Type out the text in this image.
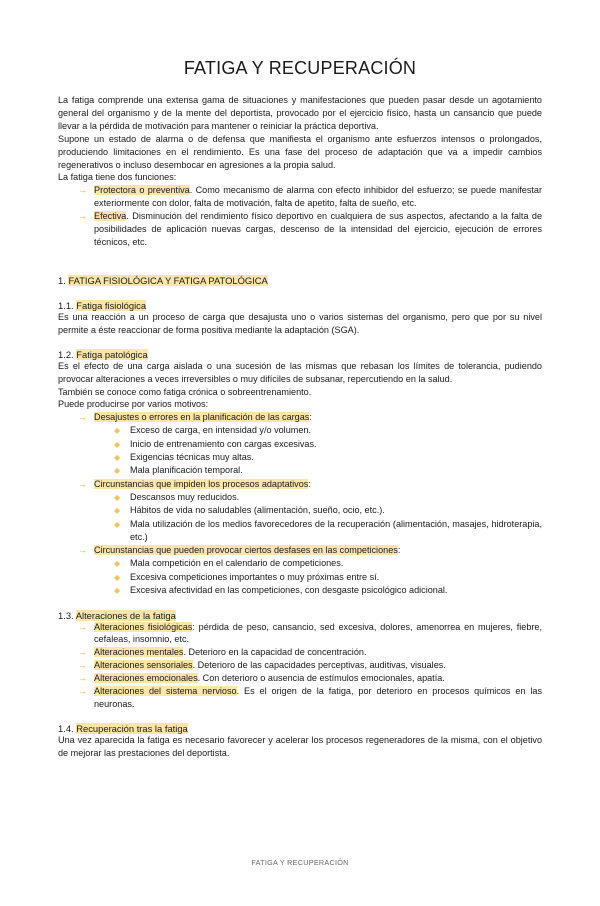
FATIGA Y RECUPERACIÓN

La fatiga comprende una extensa gama de situaciones y manifestaciones que pueden pasar desde un agotamiento general del organismo y de la mente del deportista, provocado por el ejercicio físico, hasta un cansancio que puede llevar a la pérdida de motivación para mantener o reiniciar la práctica deportiva.

Supone un estado de alarma o de defensa que manifiesta el organismo ante esfuerzos intensos o prolongados, produciendo limitaciones en el rendimiento. Es una fase del proceso de adaptación que va a impedir cambios regenerativos o incluso desembocar en agresiones a la propia salud.

La fatiga tiene dos funciones:

→ Protectora o preventiva. Como mecanismo de alarma con efecto inhibidor del esfuerzo; se puede manifestar exteriormente con dolor, falta de motivación, falta de apetito, falta de sueño, etc.
→ Efectiva. Disminución del rendimiento físico deportivo en cualquiera de sus aspectos, afectando a la falta de posibilidades de aplicación nuevas cargas, descenso de la intensidad del ejercicio, ejecución de errores técnicos, etc.
1. FATIGA FISIOLÓGICA Y FATIGA PATOLÓGICA
1.1. Fatiga fisiológica

Es una reacción a un proceso de carga que desajusta uno o varios sistemas del organismo, pero que por su nivel permite a éste reaccionar de forma positiva mediante la adaptación (SGA).

1.2. Fatiga patológica

Es el efecto de una carga aislada o una sucesión de las mismas que rebasan los límites de tolerancia, pudiendo provocar alteraciones a veces irreversibles o muy difíciles de subsanar, repercutiendo en la salud.

También se conoce como fatiga crónica o sobreentrenamiento.

Puede producirse por varios motivos:

→ Desajustes o errores en la planificación de las cargas:
◆ Exceso de carga, en intensidad y/o volumen.
◆ Inicio de entrenamiento con cargas excesivas.
◆ Exigencias técnicas muy altas.
◆ Mala planificación temporal.
→ Circunstancias que impiden los procesos adaptativos:
◆ Descansos muy reducidos.
◆ Hábitos de vida no saludables (alimentación, sueño, ocio, etc.).
◆ Mala utilización de los medios favorecedores de la recuperación (alimentación, masajes, hidroterapia, etc.)
→ Circunstancias que pueden provocar ciertos desfases en las competiciones:
◆ Mala competición en el calendario de competiciones.
◆ Excesiva competiciones importantes o muy próximas entre sí.
◆ Excesiva afectividad en las competiciones, con desgaste psicológico adicional.
1.3. Alteraciones de la fatiga
→ Alteraciones fisiológicas: pérdida de peso, cansancio, sed excesiva, dolores, amenorrea en mujeres, fiebre, cefaleas, insomnio, etc.
→ Alteraciones mentales. Deterioro en la capacidad de concentración.
→ Alteraciones sensoriales. Deterioro de las capacidades perceptivas, auditivas, visuales.
→ Alteraciones emocionales. Con deterioro o ausencia de estímulos emocionales, apatía.
→ Alteraciones del sistema nervioso. Es el origen de la fatiga, por deterioro en procesos químicos en las neuronas.
1.4. Recuperación tras la fatiga

Una vez aparecida la fatiga es necesario favorecer y acelerar los procesos regeneradores de la misma, con el objetivo de mejorar las prestaciones del deportista.

FATIGA Y RECUPERACIÓN
